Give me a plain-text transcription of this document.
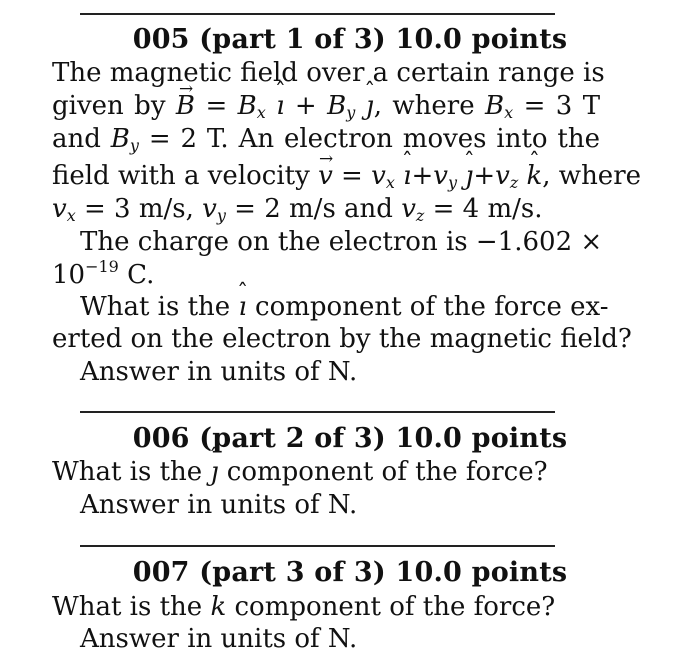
005 (part 1 of 3) 10.0 points
The magnetic field over a certain range is
given by → $B = B_x$ ˆ ı + $B_y$ ˆ ȷ, where $B_x = 3$ T
and $B_y = 2$ T. An electron moves into the
field with a velocity → $v = v_x$ ˆ $ı+v_y$ ˆ $ȷ+v_z$ ˆ k, where
$v_x = 3$ m/s, $v_y = 2$ m/s and $v_z = 4$ m/s.
The charge on the electron is −1.602 ×
$10^{-19}$ C.
What is the ˆ ı component of the force ex-
erted on the electron by the magnetic field?
Answer in units of N.
006 (part 2 of 3) 10.0 points
What is the ˆ ȷ component of the force?
Answer in units of N.
007 (part 3 of 3) 10.0 points
What is the ˆ k component of the force?
Answer in units of N.
